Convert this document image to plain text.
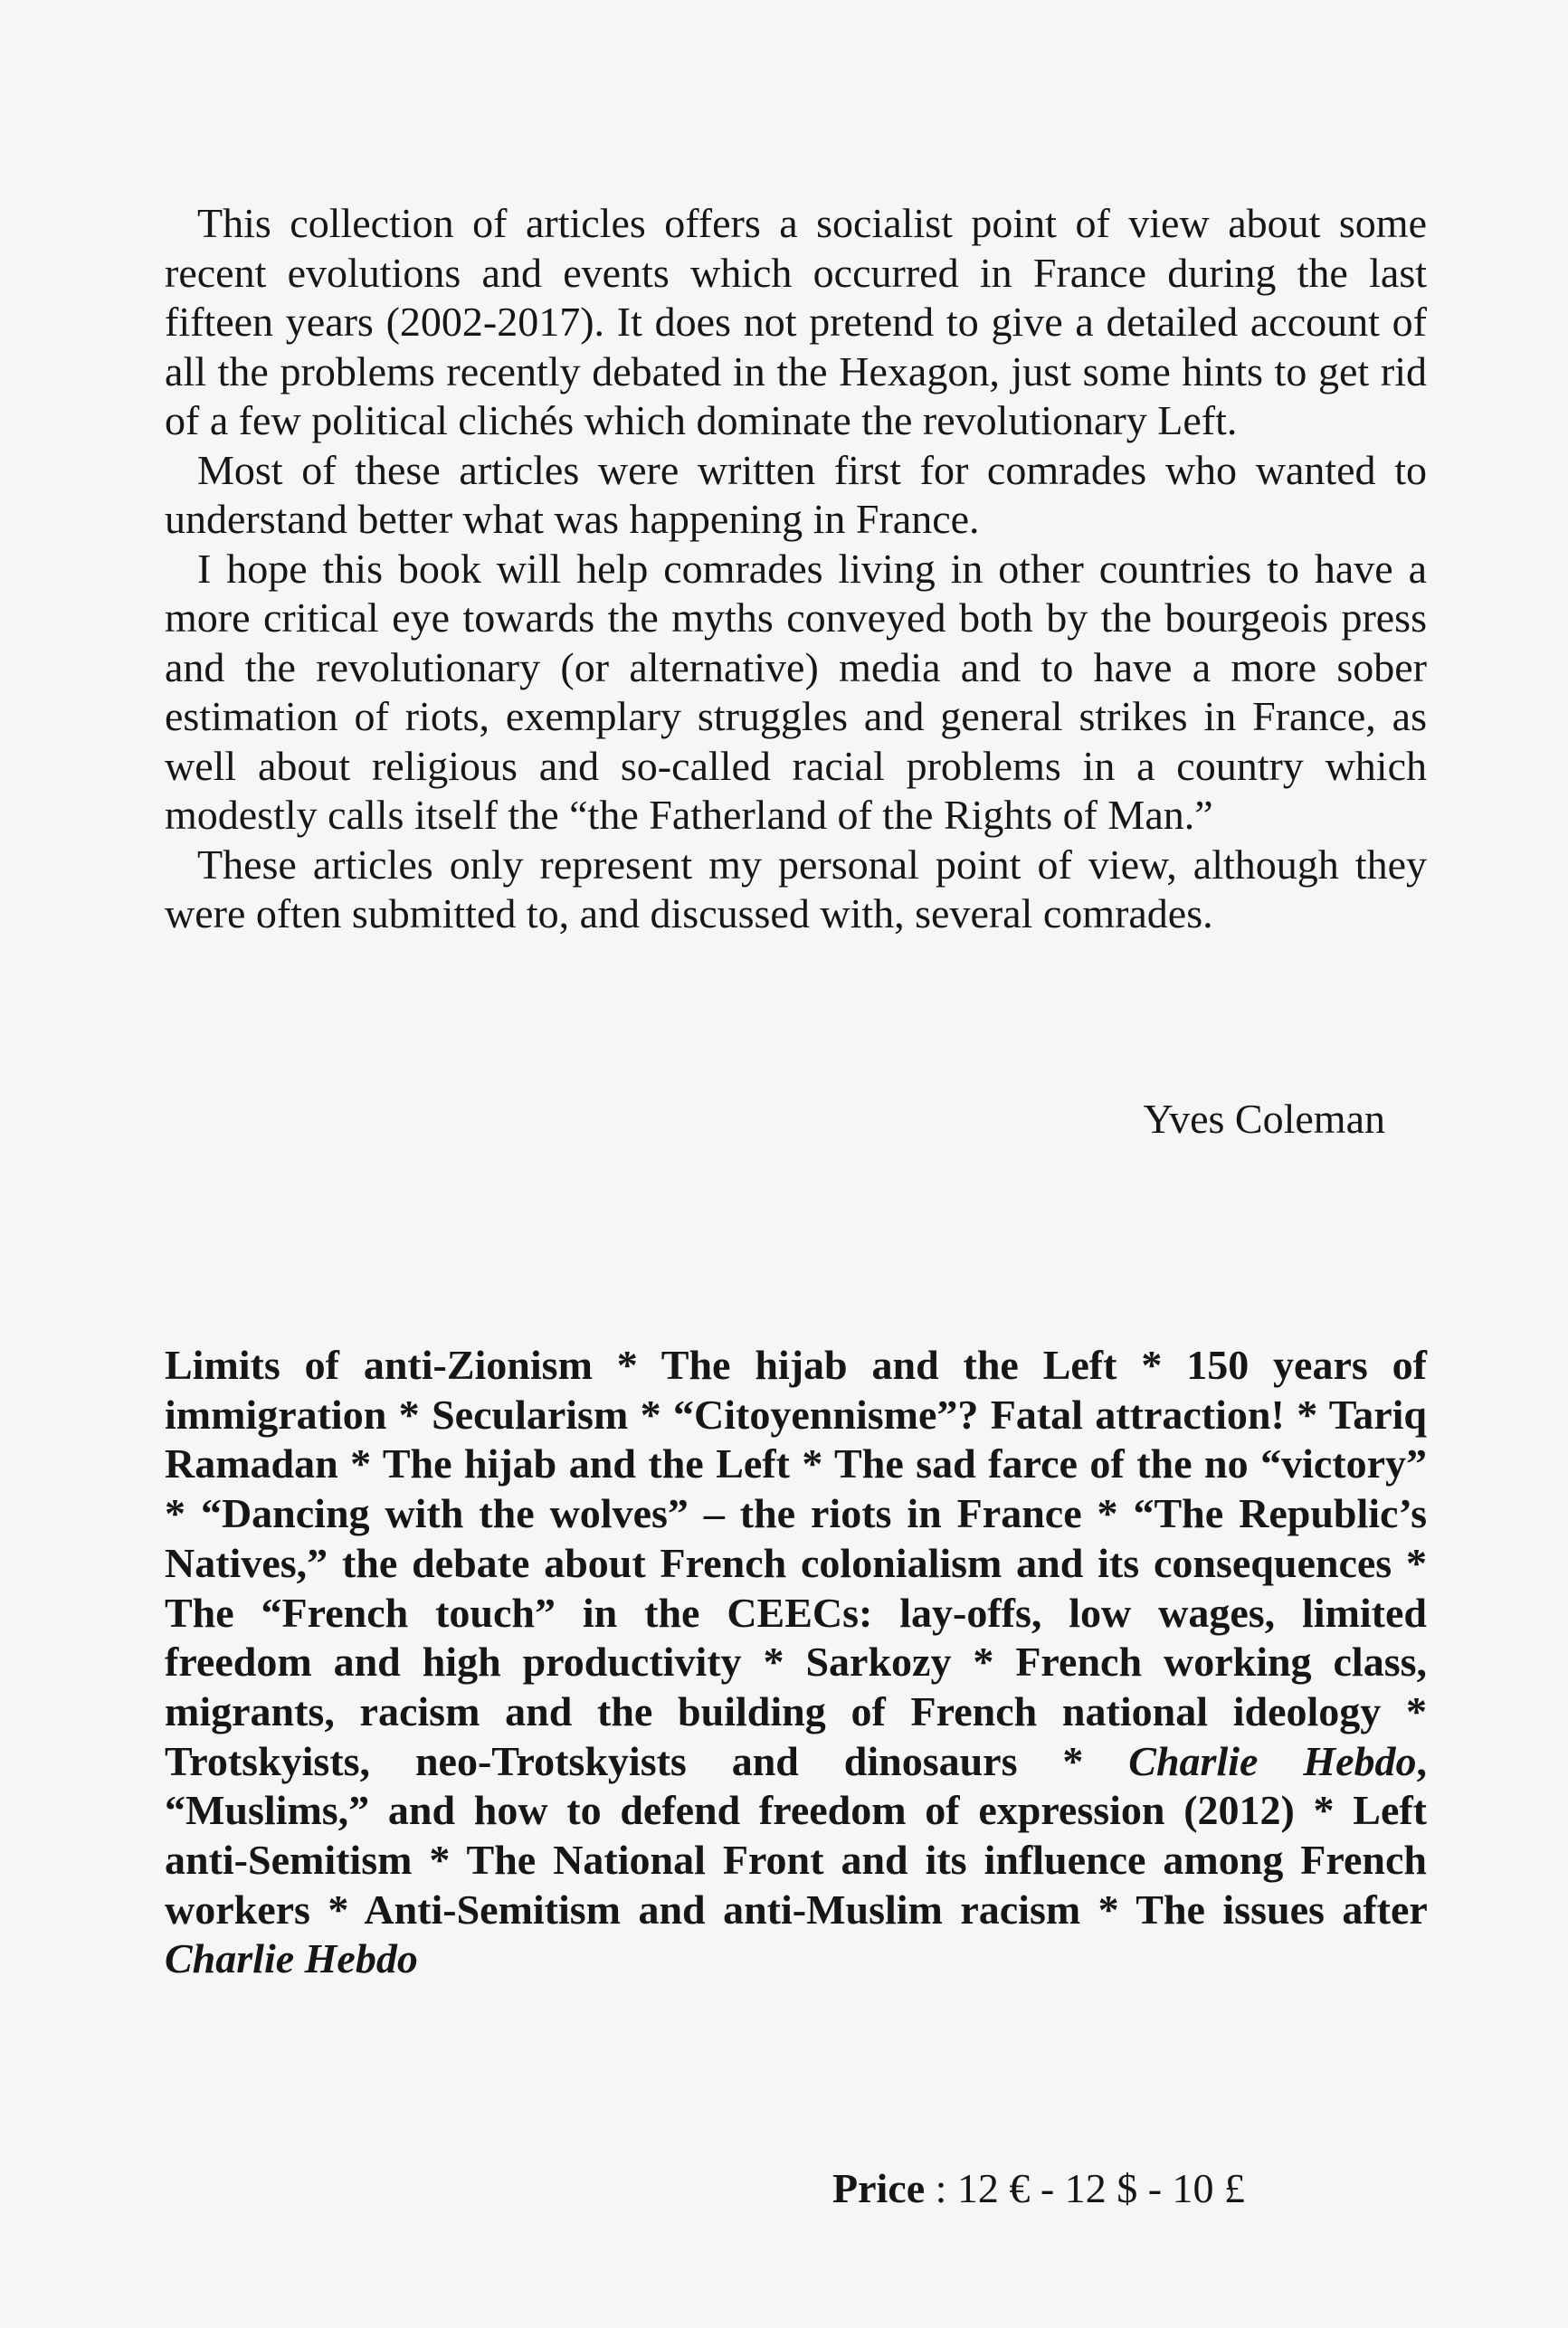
This collection of articles offers a socialist point of view about some recent evolutions and events which occurred in France during the last fifteen years (2002-2017). It does not pretend to give a detailed account of all the problems recently debated in the Hexagon, just some hints to get rid of a few political clichés which dominate the revolutionary Left.

Most of these articles were written first for comrades who wanted to understand better what was happening in France.

I hope this book will help comrades living in other countries to have a more critical eye towards the myths conveyed both by the bourgeois press and the revolutionary (or alternative) media and to have a more sober estimation of riots, exemplary struggles and general strikes in France, as well about religious and so-called racial problems in a country which modestly calls itself the “the Fatherland of the Rights of Man.”

These articles only represent my personal point of view, although they were often submitted to, and discussed with, several comrades.

Yves Coleman
Limits of anti-Zionism * The hijab and the Left * 150 years of immigration * Secularism * “Citoyennisme”? Fatal attraction! * Tariq Ramadan * The hijab and the Left * The sad farce of the no “victory” * “Dancing with the wolves” – the riots in France * “The Republic’s Natives,” the debate about French colonialism and its consequences * The “French touch” in the CEECs: lay-offs, low wages, limited freedom and high productivity * Sarkozy * French working class, migrants, racism and the building of French national ideology * Trotskyists, neo-Trotskyists and dinosaurs * Charlie Hebdo, “Muslims,” and how to defend freedom of expression (2012) * Left anti-Semitism * The National Front and its influence among French workers * Anti-Semitism and anti-Muslim racism * The issues after Charlie Hebdo
Price : 12 € - 12 $ - 10 £
